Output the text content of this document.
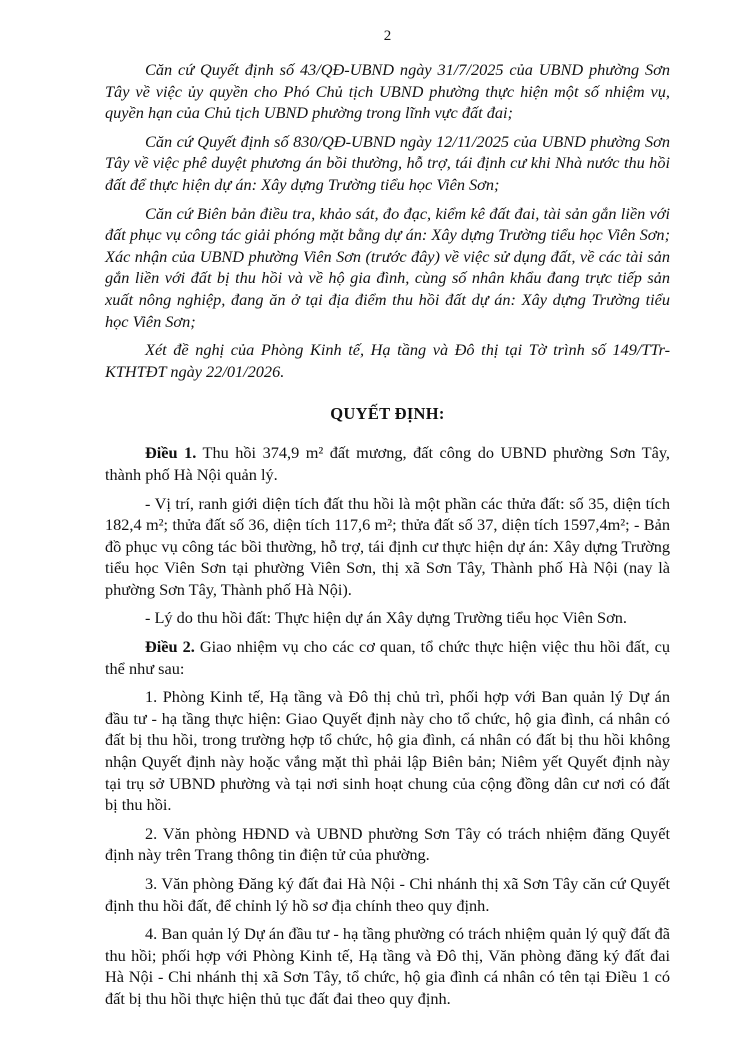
2

Căn cứ Quyết định số 43/QĐ-UBND ngày 31/7/2025 của UBND phường Sơn Tây về việc ủy quyền cho Phó Chủ tịch UBND phường thực hiện một số nhiệm vụ, quyền hạn của Chủ tịch UBND phường trong lĩnh vực đất đai;

Căn cứ Quyết định số 830/QĐ-UBND ngày 12/11/2025 của UBND phường Sơn Tây về việc phê duyệt phương án bồi thường, hỗ trợ, tái định cư khi Nhà nước thu hồi đất để thực hiện dự án: Xây dựng Trường tiểu học Viên Sơn;

Căn cứ Biên bản điều tra, khảo sát, đo đạc, kiểm kê đất đai, tài sản gắn liền với đất phục vụ công tác giải phóng mặt bằng dự án: Xây dựng Trường tiểu học Viên Sơn; Xác nhận của UBND phường Viên Sơn (trước đây) về việc sử dụng đất, về các tài sản gắn liền với đất bị thu hồi và về hộ gia đình, cùng số nhân khẩu đang trực tiếp sản xuất nông nghiệp, đang ăn ở tại địa điểm thu hồi đất dự án: Xây dựng Trường tiểu học Viên Sơn;

Xét đề nghị của Phòng Kinh tế, Hạ tầng và Đô thị tại Tờ trình số 149/TTr-KTHTĐT ngày 22/01/2026.

QUYẾT ĐỊNH:

Điều 1. Thu hồi 374,9 m² đất mương, đất công do UBND phường Sơn Tây, thành phố Hà Nội quản lý.

- Vị trí, ranh giới diện tích đất thu hồi là một phần các thửa đất: số 35, diện tích 182,4 m²; thửa đất số 36, diện tích 117,6 m²; thửa đất số 37, diện tích 1597,4m²; - Bản đồ phục vụ công tác bồi thường, hỗ trợ, tái định cư thực hiện dự án: Xây dựng Trường tiểu học Viên Sơn tại phường Viên Sơn, thị xã Sơn Tây, Thành phố Hà Nội (nay là phường Sơn Tây, Thành phố Hà Nội).

- Lý do thu hồi đất: Thực hiện dự án Xây dựng Trường tiểu học Viên Sơn.

Điều 2. Giao nhiệm vụ cho các cơ quan, tổ chức thực hiện việc thu hồi đất, cụ thể như sau:

1. Phòng Kinh tế, Hạ tầng và Đô thị chủ trì, phối hợp với Ban quản lý Dự án đầu tư - hạ tầng thực hiện: Giao Quyết định này cho tổ chức, hộ gia đình, cá nhân có đất bị thu hồi, trong trường hợp tổ chức, hộ gia đình, cá nhân có đất bị thu hồi không nhận Quyết định này hoặc vắng mặt thì phải lập Biên bản; Niêm yết Quyết định này tại trụ sở UBND phường và tại nơi sinh hoạt chung của cộng đồng dân cư nơi có đất bị thu hồi.

2. Văn phòng HĐND và UBND phường Sơn Tây có trách nhiệm đăng Quyết định này trên Trang thông tin điện tử của phường.

3. Văn phòng Đăng ký đất đai Hà Nội - Chi nhánh thị xã Sơn Tây căn cứ Quyết định thu hồi đất, để chỉnh lý hồ sơ địa chính theo quy định.

4. Ban quản lý Dự án đầu tư - hạ tầng phường có trách nhiệm quản lý quỹ đất đã thu hồi; phối hợp với Phòng Kinh tế, Hạ tầng và Đô thị, Văn phòng đăng ký đất đai Hà Nội - Chi nhánh thị xã Sơn Tây, tổ chức, hộ gia đình cá nhân có tên tại Điều 1 có đất bị thu hồi thực hiện thủ tục đất đai theo quy định.
